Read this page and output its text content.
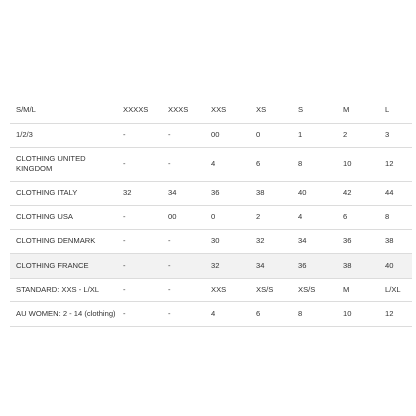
S/M/L	XXXXS	XXXS	XXS	XS	S	M	L
1/2/3	-	-	00	0	1	2	3
CLOTHING UNITED KINGDOM	-	-	4	6	8	10	12
CLOTHING ITALY	32	34	36	38	40	42	44
CLOTHING USA	-	00	0	2	4	6	8
CLOTHING DENMARK	-	-	30	32	34	36	38
CLOTHING FRANCE	-	-	32	34	36	38	40
STANDARD: XXS - L/XL	-	-	XXS	XS/S	XS/S	M	L/XL
AU WOMEN: 2 - 14 (clothing)	-	-	4	6	8	10	12
